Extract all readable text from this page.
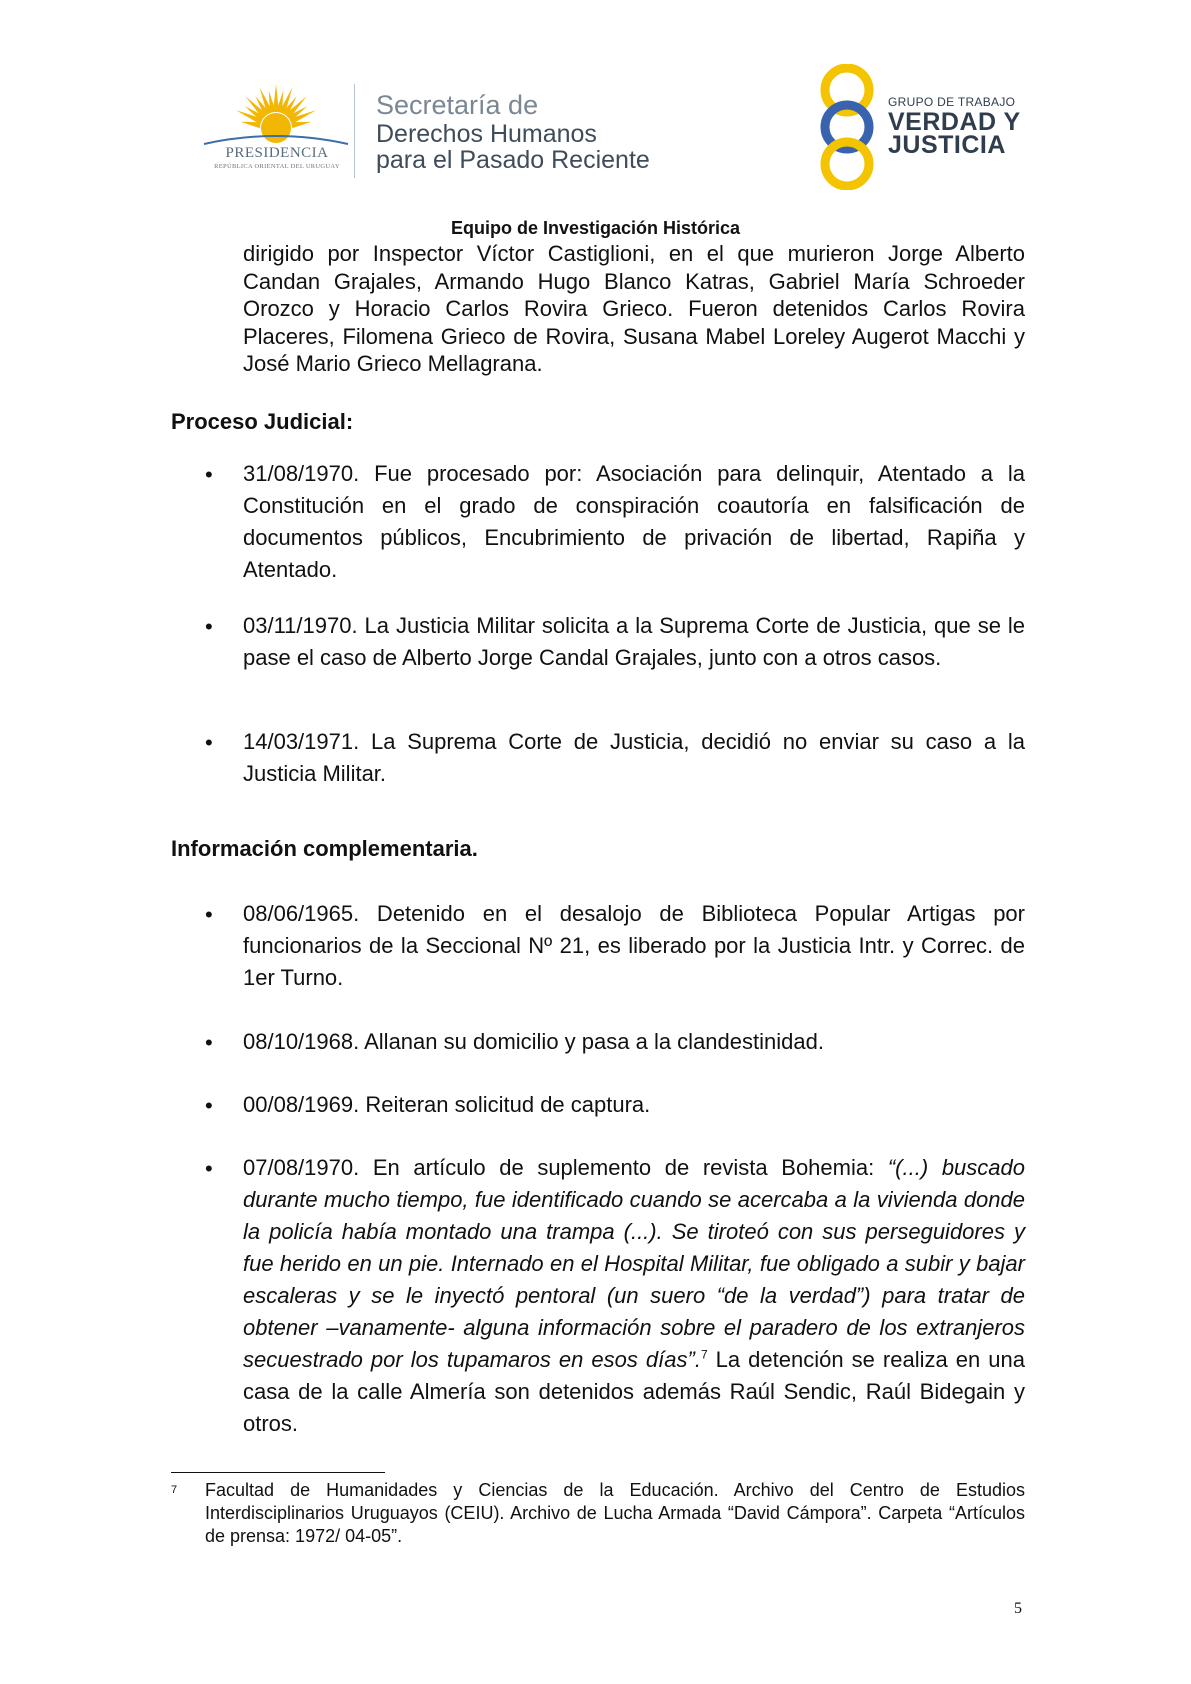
PRESIDENCIA
REPÚBLICA ORIENTAL DEL URUGUAY
Secretaría de
Derechos Humanos
para el Pasado Reciente
GRUPO DE TRABAJO
VERDAD Y
JUSTICIA
Equipo de Investigación Histórica
dirigido por Inspector Víctor Castiglioni, en el que murieron Jorge Alberto Candan Grajales, Armando Hugo Blanco Katras, Gabriel María Schroeder Orozco y Horacio Carlos Rovira Grieco. Fueron detenidos Carlos Rovira Placeres, Filomena Grieco de Rovira, Susana Mabel Loreley Augerot Macchi y José Mario Grieco Mellagrana.
Proceso Judicial:
• 31/08/1970. Fue procesado por: Asociación para delinquir, Atentado a la Constitución en el grado de conspiración coautoría en falsificación de documentos públicos, Encubrimiento de privación de libertad, Rapiña y Atentado.
• 03/11/1970. La Justicia Militar solicita a la Suprema Corte de Justicia, que se le pase el caso de Alberto Jorge Candal Grajales, junto con a otros casos.
• 14/03/1971. La Suprema Corte de Justicia, decidió no enviar su caso a la Justicia Militar.
Información complementaria.
• 08/06/1965. Detenido en el desalojo de Biblioteca Popular Artigas por funcionarios de la Seccional Nº 21, es liberado por la Justicia Intr. y Correc. de 1er Turno.
• 08/10/1968. Allanan su domicilio y pasa a la clandestinidad.
• 00/08/1969. Reiteran solicitud de captura.
• 07/08/1970. En artículo de suplemento de revista Bohemia: “(...) buscado durante mucho tiempo, fue identificado cuando se acercaba a la vivienda donde la policía había montado una trampa (...). Se tiroteó con sus perseguidores y fue herido en un pie. Internado en el Hospital Militar, fue obligado a subir y bajar escaleras y se le inyectó pentoral (un suero “de la verdad”) para tratar de obtener –vanamente- alguna información sobre el paradero de los extranjeros secuestrado por los tupamaros en esos días”.$^7$ La detención se realiza en una casa de la calle Almería son detenidos además Raúl Sendic, Raúl Bidegain y otros.
7 Facultad de Humanidades y Ciencias de la Educación. Archivo del Centro de Estudios Interdisciplinarios Uruguayos (CEIU). Archivo de Lucha Armada “David Cámpora”. Carpeta “Artículos de prensa: 1972/ 04-05”.
5
